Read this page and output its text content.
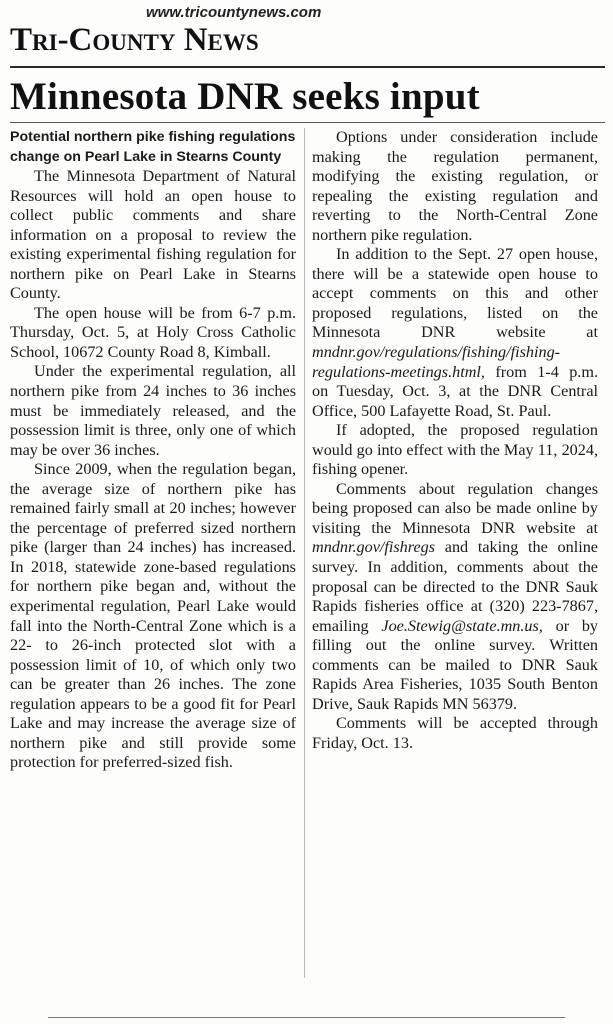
www.tricountynews.com
Tri-County News
Minnesota DNR seeks input
Potential northern pike fishing regulations change on Pearl Lake in Stearns County

The Minnesota Department of Natural Resources will hold an open house to collect public comments and share information on a proposal to review the existing experimental fishing regulation for northern pike on Pearl Lake in Stearns County.

The open house will be from 6-7 p.m. Thursday, Oct. 5, at Holy Cross Catholic School, 10672 County Road 8, Kimball.

Under the experimental regulation, all northern pike from 24 inches to 36 inches must be immediately released, and the possession limit is three, only one of which may be over 36 inches.

Since 2009, when the regulation began, the average size of northern pike has remained fairly small at 20 inches; however the percentage of preferred sized northern pike (larger than 24 inches) has increased. In 2018, statewide zone-based regulations for northern pike began and, without the experimental regulation, Pearl Lake would fall into the North-Central Zone which is a 22- to 26-inch protected slot with a possession limit of 10, of which only two can be greater than 26 inches. The zone regulation appears to be a good fit for Pearl Lake and may increase the average size of northern pike and still provide some protection for preferred-sized fish.

Options under consideration include making the regulation permanent, modifying the existing regulation, or repealing the existing regulation and reverting to the North-Central Zone northern pike regulation.

In addition to the Sept. 27 open house, there will be a statewide open house to accept comments on this and other proposed regulations, listed on the Minnesota DNR website at mndnr.gov/regulations/fishing/fishing-regulations-meetings.html, from 1-4 p.m. on Tuesday, Oct. 3, at the DNR Central Office, 500 Lafayette Road, St. Paul.

If adopted, the proposed regulation would go into effect with the May 11, 2024, fishing opener.

Comments about regulation changes being proposed can also be made online by visiting the Minnesota DNR website at mndnr.gov/fishregs and taking the online survey. In addition, comments about the proposal can be directed to the DNR Sauk Rapids fisheries office at (320) 223-7867, emailing Joe.Stewig@state.mn.us, or by filling out the online survey. Written comments can be mailed to DNR Sauk Rapids Area Fisheries, 1035 South Benton Drive, Sauk Rapids MN 56379.

Comments will be accepted through Friday, Oct. 13.
